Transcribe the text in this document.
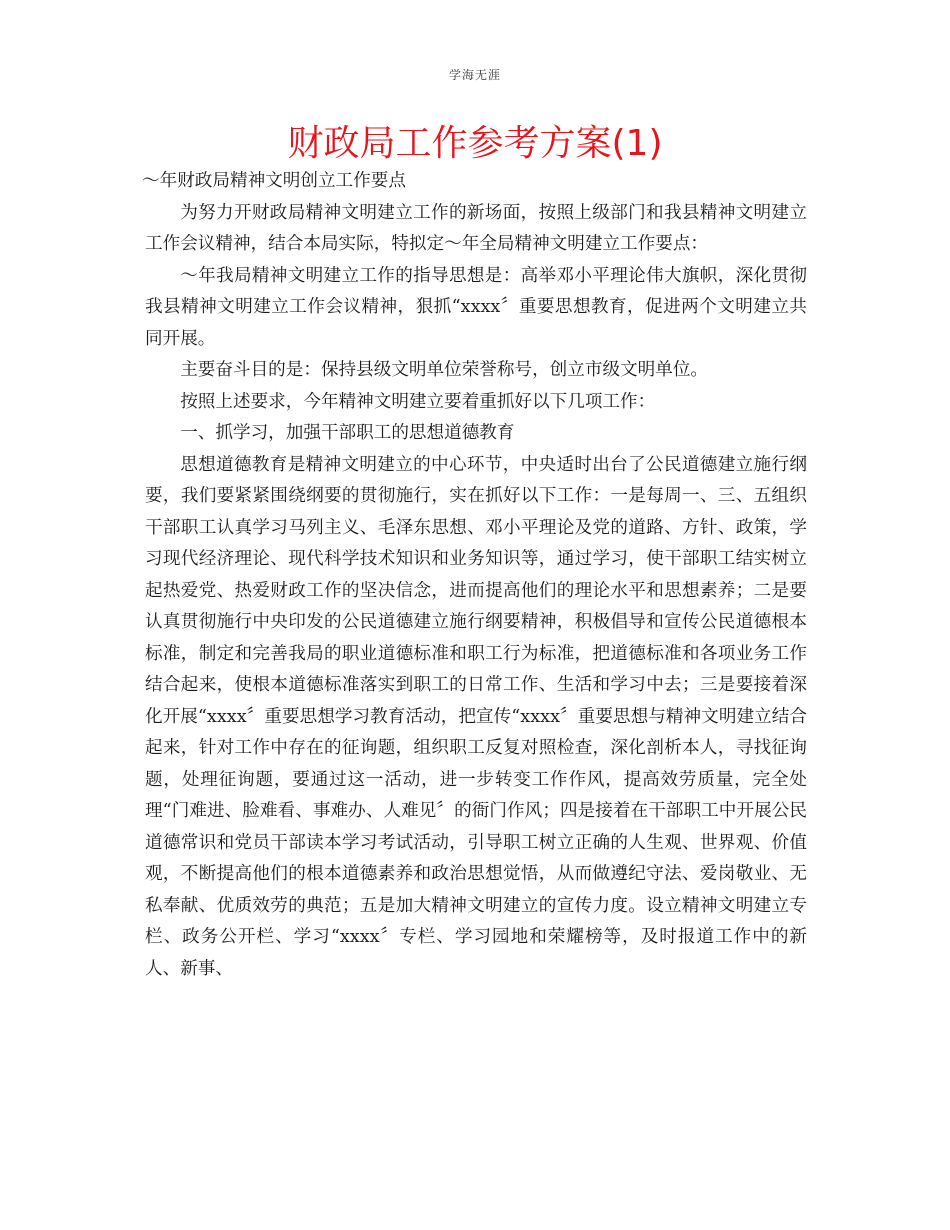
学海无涯
财政局工作参考方案(1)

～年财政局精神文明创立工作要点

为努力开财政局精神文明建立工作的新场面，按照上级部门和我县精神文明建立工作会议精神，结合本局实际，特拟定～年全局精神文明建立工作要点：

～年我局精神文明建立工作的指导思想是：高举邓小平理论伟大旗帜，深化贯彻我县精神文明建立工作会议精神，狠抓“xxxx〞重要思想教育，促进两个文明建立共同开展。

主要奋斗目的是：保持县级文明单位荣誉称号，创立市级文明单位。

按照上述要求，今年精神文明建立要着重抓好以下几项工作：

一、抓学习，加强干部职工的思想道德教育

思想道德教育是精神文明建立的中心环节，中央适时出台了公民道德建立施行纲要，我们要紧紧围绕纲要的贯彻施行，实在抓好以下工作：一是每周一、三、五组织干部职工认真学习马列主义、毛泽东思想、邓小平理论及党的道路、方针、政策，学习现代经济理论、现代科学技术知识和业务知识等，通过学习，使干部职工结实树立起热爱党、热爱财政工作的坚决信念，进而提高他们的理论水平和思想素养；二是要认真贯彻施行中央印发的公民道德建立施行纲要精神，积极倡导和宣传公民道德根本标准，制定和完善我局的职业道德标准和职工行为标准，把道德标准和各项业务工作结合起来，使根本道德标准落实到职工的日常工作、生活和学习中去；三是要接着深化开展“xxxx〞重要思想学习教育活动，把宣传“xxxx〞重要思想与精神文明建立结合起来，针对工作中存在的征询题，组织职工反复对照检查，深化剖析本人，寻找征询题，处理征询题，要通过这一活动，进一步转变工作作风，提高效劳质量，完全处理“门难进、脸难看、事难办、人难见〞的衙门作风；四是接着在干部职工中开展公民道德常识和党员干部读本学习考试活动，引导职工树立正确的人生观、世界观、价值观，不断提高他们的根本道德素养和政治思想觉悟，从而做遵纪守法、爱岗敬业、无私奉献、优质效劳的典范；五是加大精神文明建立的宣传力度。设立精神文明建立专栏、政务公开栏、学习“xxxx〞专栏、学习园地和荣耀榜等，及时报道工作中的新人、新事、
